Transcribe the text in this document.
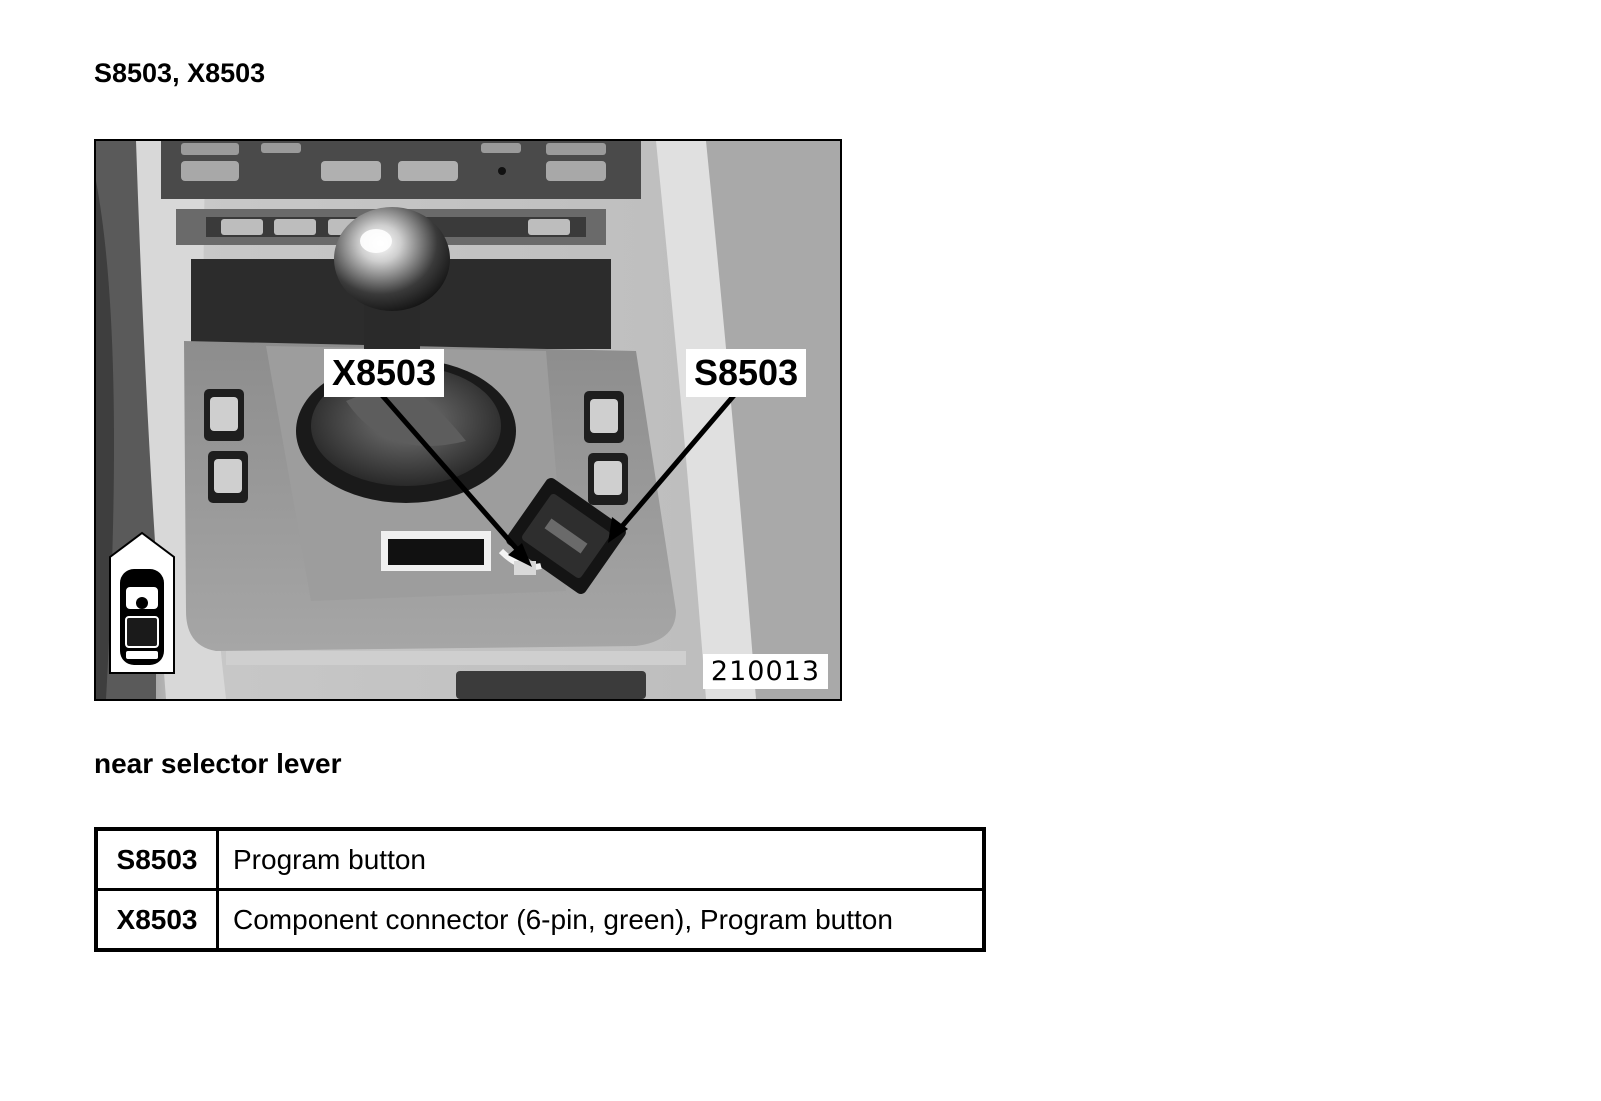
S8503, X8503
X8503	S8503
210013
near selector lever
S8503	Program button
X8503	Component connector (6-pin, green), Program button
